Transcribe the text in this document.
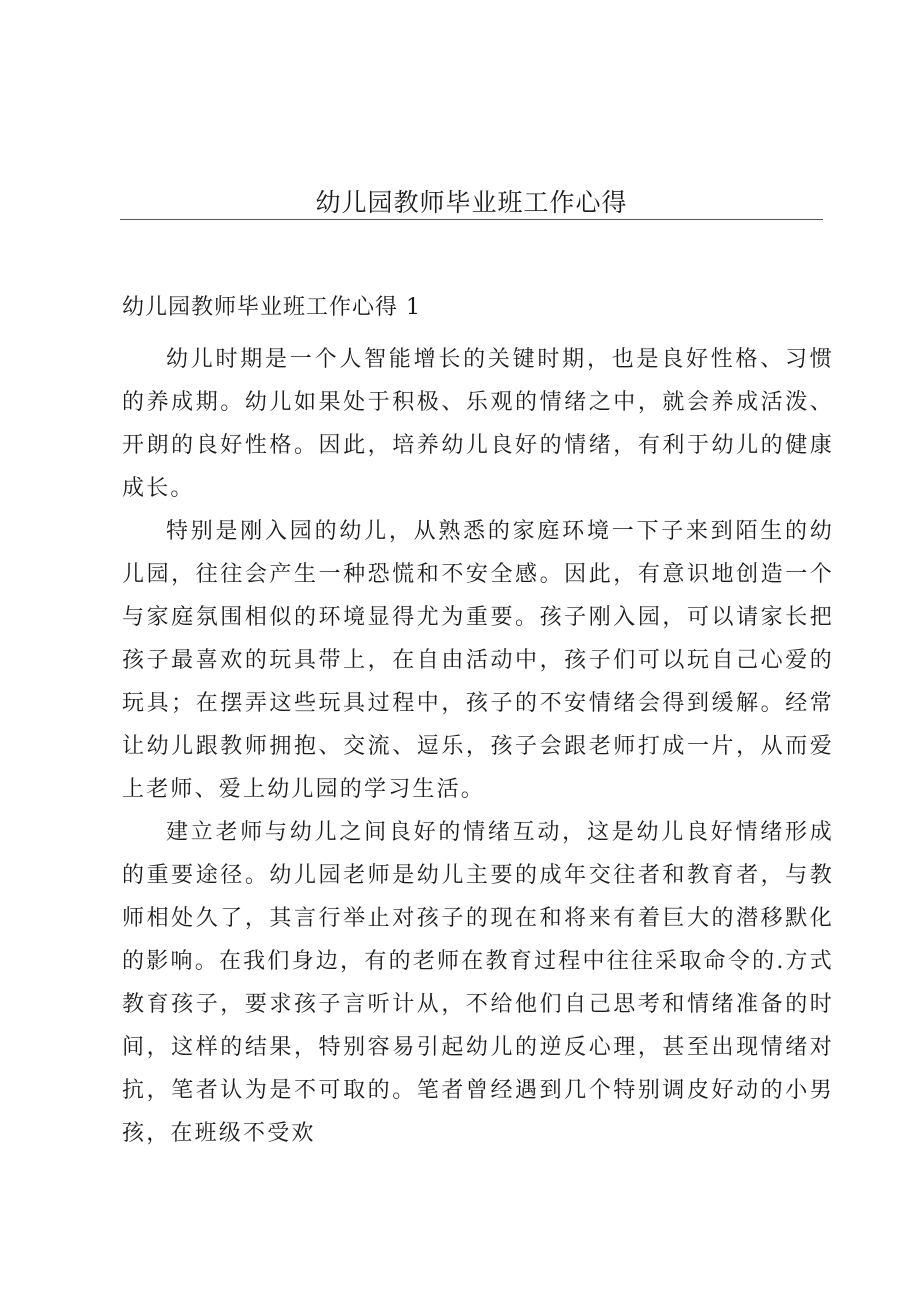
幼儿园教师毕业班工作心得
幼儿园教师毕业班工作心得 1

幼儿时期是一个人智能增长的关键时期，也是良好性格、习惯的养成期。幼儿如果处于积极、乐观的情绪之中，就会养成活泼、开朗的良好性格。因此，培养幼儿良好的情绪，有利于幼儿的健康成长。

特别是刚入园的幼儿，从熟悉的家庭环境一下子来到陌生的幼儿园，往往会产生一种恐慌和不安全感。因此，有意识地创造一个与家庭氛围相似的环境显得尤为重要。孩子刚入园，可以请家长把孩子最喜欢的玩具带上，在自由活动中，孩子们可以玩自己心爱的玩具；在摆弄这些玩具过程中，孩子的不安情绪会得到缓解。经常让幼儿跟教师拥抱、交流、逗乐，孩子会跟老师打成一片，从而爱上老师、爱上幼儿园的学习生活。

建立老师与幼儿之间良好的情绪互动，这是幼儿良好情绪形成的重要途径。幼儿园老师是幼儿主要的成年交往者和教育者，与教师相处久了，其言行举止对孩子的现在和将来有着巨大的潜移默化的影响。在我们身边，有的老师在教育过程中往往采取命令的.方式教育孩子，要求孩子言听计从，不给他们自己思考和情绪准备的时间，这样的结果，特别容易引起幼儿的逆反心理，甚至出现情绪对抗，笔者认为是不可取的。笔者曾经遇到几个特别调皮好动的小男孩，在班级不受欢
